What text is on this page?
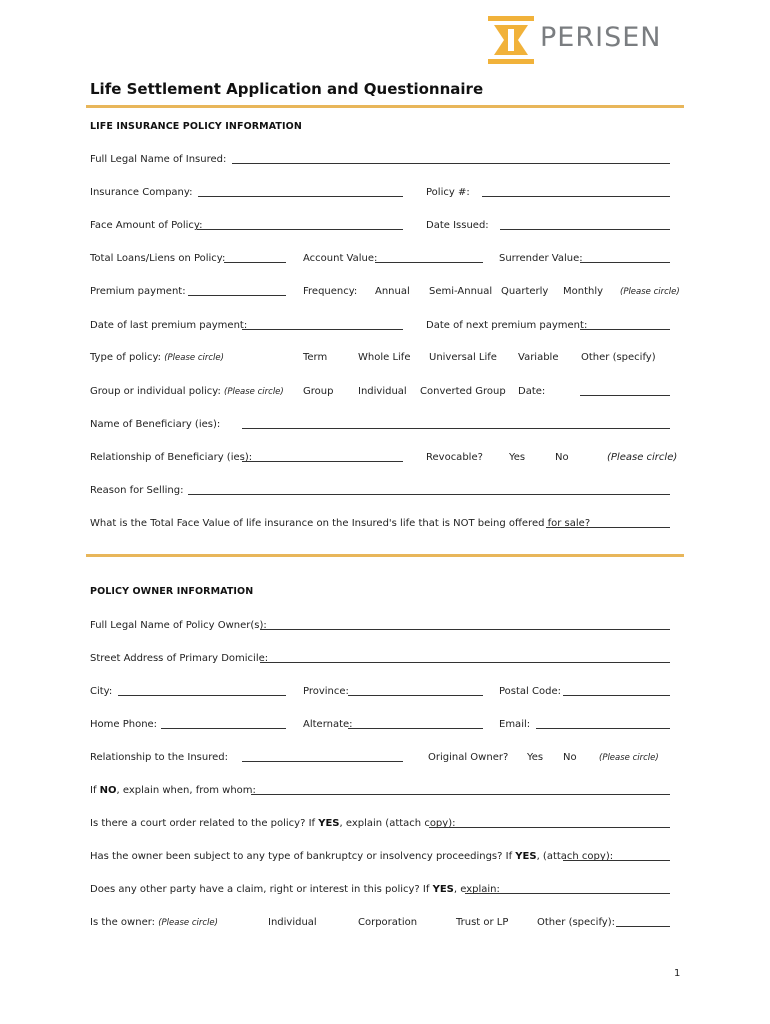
PERISEN
Life Settlement Application and Questionnaire
LIFE INSURANCE POLICY INFORMATION
Full Legal Name of Insured:
Insurance Company:	Policy #:
Face Amount of Policy:	Date Issued:
Total Loans/Liens on Policy:	Account Value:	Surrender Value:
Premium payment:	Frequency: Annual Semi-Annual Quarterly Monthly (Please circle)
Date of last premium payment:	Date of next premium payment:
Type of policy: (Please circle)	Term	Whole Life Universal Life Variable Other (specify)
Group or individual policy: (Please circle) Group Individual Converted Group Date:
Name of Beneficiary (ies):
Relationship of Beneficiary (ies):	Revocable?	Yes	No	(Please circle)
Reason for Selling:
What is the Total Face Value of life insurance on the Insured's life that is NOT being offered for sale?
POLICY OWNER INFORMATION
Full Legal Name of Policy Owner(s):
Street Address of Primary Domicile:
City:	Province:	Postal Code:
Home Phone:	Alternate:	Email:
Relationship to the Insured:	Original Owner? Yes No	(Please circle)
If NO, explain when, from whom:
Is there a court order related to the policy? If YES, explain (attach copy):
Has the owner been subject to any type of bankruptcy or insolvency proceedings? If YES, (attach copy):
Does any other party have a claim, right or interest in this policy? If YES, explain:
Is the owner: (Please circle)	Individual	Corporation	Trust or LP	Other (specify):
1
